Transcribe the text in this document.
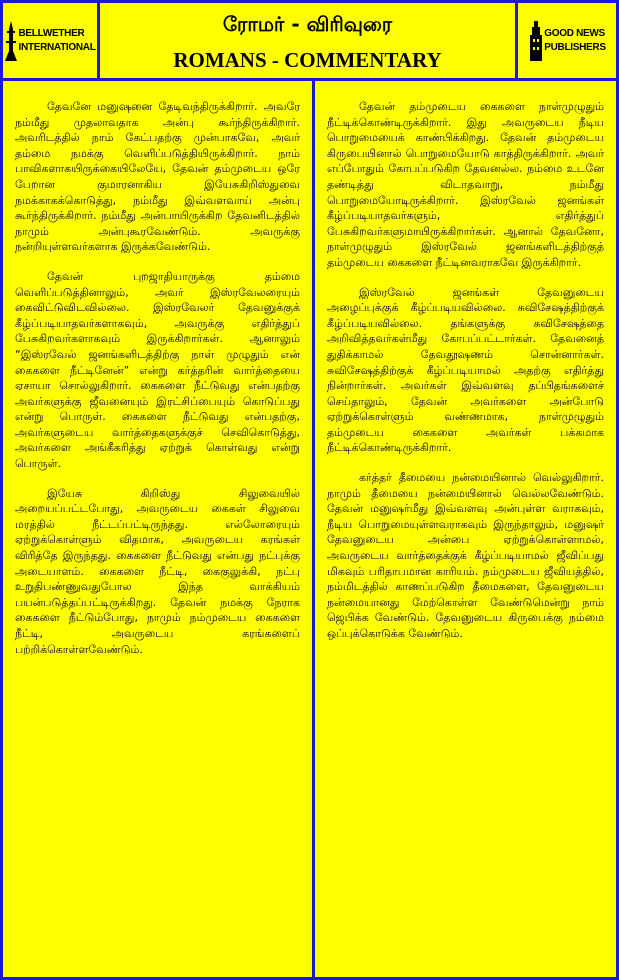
BELLWETHER
INTERNATIONAL
ரோமர் - விரிவுரை
ROMANS - COMMENTARY
GOOD NEWS
PUBLISHERS

தேவனே மனுஷனை தேடிவந்திருக்கிறார். அவரே நம்மீது முதலாவதாக அன்பு கூர்ந்திருக்கிறார். அவரிடத்தில் நாம் கேட்பதற்கு முன்பாகவே, அவர் தம்மை நமக்கு வெளிப்படுத்தியிருக்கிறார். நாம் பாவிகளாகயிருக்கையிலேயே, தேவன் தம்முடைய ஒரே பேறான குமாரனாகிய இயேசுகிறிஸ்துவை நமக்காகக்கொடுத்து, நம்மீது இவ்வளவாய் அன்பு கூர்ந்திருக்கிறார். நம்மீது அன்பாயிருக்கிற தேவனிடத்தில் நாமும் அன்புகூரவேண்டும். அவருக்கு நன்றியுள்ளவர்களாக இருக்கவேண்டும்.

தேவன் புறஜாதியாருக்கு தம்மை வெளிப்படுத்தினாலும், அவர் இஸ்ரவேலரையும் கைவிட்டுவிடவில்லை. இஸ்ரவேலர் தேவனுக்குக் கீழ்ப்படியாதவர்களாகவும், அவருக்கு எதிர்த்துப் பேசுகிறவர்களாகவும் இருக்கிறார்கள். ஆனாலும் “இஸ்ரவேல் ஜனங்களிடத்திற்கு நாள் முழுதும் என் கைகளை நீட்டினேன்” என்று கர்த்தரின் வார்த்தையை ஏசாயா சொல்லுகிறார். கைகளை நீட்டுவது என்பதற்கு அவர்களுக்கு ஜீவனையும் இரட்சிப்பையும் கொடுப்பது என்று பொருள். கைகளை நீட்டுவது என்பதற்கு, அவர்களுடைய வார்த்தைகளுக்குச் செவிகொடுத்து, அவர்களை அங்கீகரித்து ஏற்றுக் கொள்வது என்று பொருள்.

இயேசு கிறிஸ்து சிலுவையில் அறையப்பட்டபோது, அவருடைய கைகள் சிலுவை மரத்தில் நீட்டப்பட்டிருந்தது. எல்லோரையும் ஏற்றுக்கொள்ளும் விதமாக, அவருடைய கரங்கள் விரித்தே இருந்தது. கைகளை நீட்டுவது என்பது நட்புக்கு அடையாளம். கைகளை நீட்டி, கைகுலுக்கி, நட்பு உறுதிபண்ணுவதுபோல இந்த வாக்கியம் பயன்படுத்தப்பட்டிருக்கிறது. தேவன் நமக்கு நேராக கைகளை நீட்டும்போது, நாமும் நம்முடைய கைகளை நீட்டி, அவருடைய கரங்களைப் பற்றிக்கொள்ளவேண்டும்.

தேவன் தம்முடைய கைகளை நாள்முழுதும் நீட்டிக்கொண்டிருக்கிறார். இது அவருடைய நீடிய பொறுமையைக் காண்பிக்கிறது. தேவன் தம்முடைய கிருபையினால் பொறுமையோடு காத்திருக்கிறார். அவர் எப்போதும் கோபப்படுகிற தேவனல்ல. நம்மை உடனே தண்டித்து விடாதவாறு, நம்மீது பொறுமையோடிருக்கிறார். இஸ்ரவேல் ஜனங்கள் கீழ்ப்படியாதவர்களும், எதிர்த்துப் பேசுகிறவர்களுமாயிருக்கிறார்கள். ஆனால் தேவனோ, நாள்முழுதும் இஸ்ரவேல் ஜனங்களிடத்திற்குத் தம்முடைய கைகளை நீட்டினவராகவே இருக்கிறார்.

இஸ்ரவேல் ஜனங்கள் தேவனுடைய அழைப்புக்குக் கீழ்ப்படியவில்லை. சுவிசேஷத்திற்குக் கீழ்ப்படியவில்லை. தங்களுக்கு சுவிசேஷத்தை அறிவித்தவர்கள்மீது கோபப்பட்டார்கள். தேவனைத் துதிக்காமல் தேவதூஷணம் சொன்னார்கள். சுவிசேஷத்திற்குக் கீழ்ப்படியாமல் அதற்கு எதிர்த்து நின்றார்கள். அவர்கள் இவ்வளவு தப்பிதங்களைச் செய்தாலும், தேவன் அவர்களை அன்போடு ஏற்றுக்கொள்ளும் வண்ணமாக, நாள்முழுதும் தம்முடைய கைகளை அவர்கள் பக்கமாக நீட்டிக்கொண்டிருக்கிறார்.

கர்த்தர் தீமையை நன்மையினால் வெல்லுகிறார். நாமும் தீமையை நன்மையினால் வெல்லவேண்டும். தேவன் மனுஷர்மீது இவ்வளவு அன்புள்ள வராகவும், நீடிய பொறுமையுள்ளவராகவும் இருந்தாலும், மனுஷர் தேவனுடைய அன்பை ஏற்றுக்கொள்ளாமல், அவருடைய வார்த்தைக்குக் கீழ்ப்படியாமல் ஜீவிப்பது மிகவும் பரிதாபமான காரியம். நம்முடைய ஜீவியத்தில், நம்மிடத்தில் காணப்படுகிற தீமைகளை, தேவனுடைய நன்மையானது மேற்கொள்ள வேண்டுமென்று நாம் ஜெபிக்க வேண்டும். தேவனுடைய கிருபைக்கு நம்மை ஒப்புக்கொடுக்க வேண்டும்.
